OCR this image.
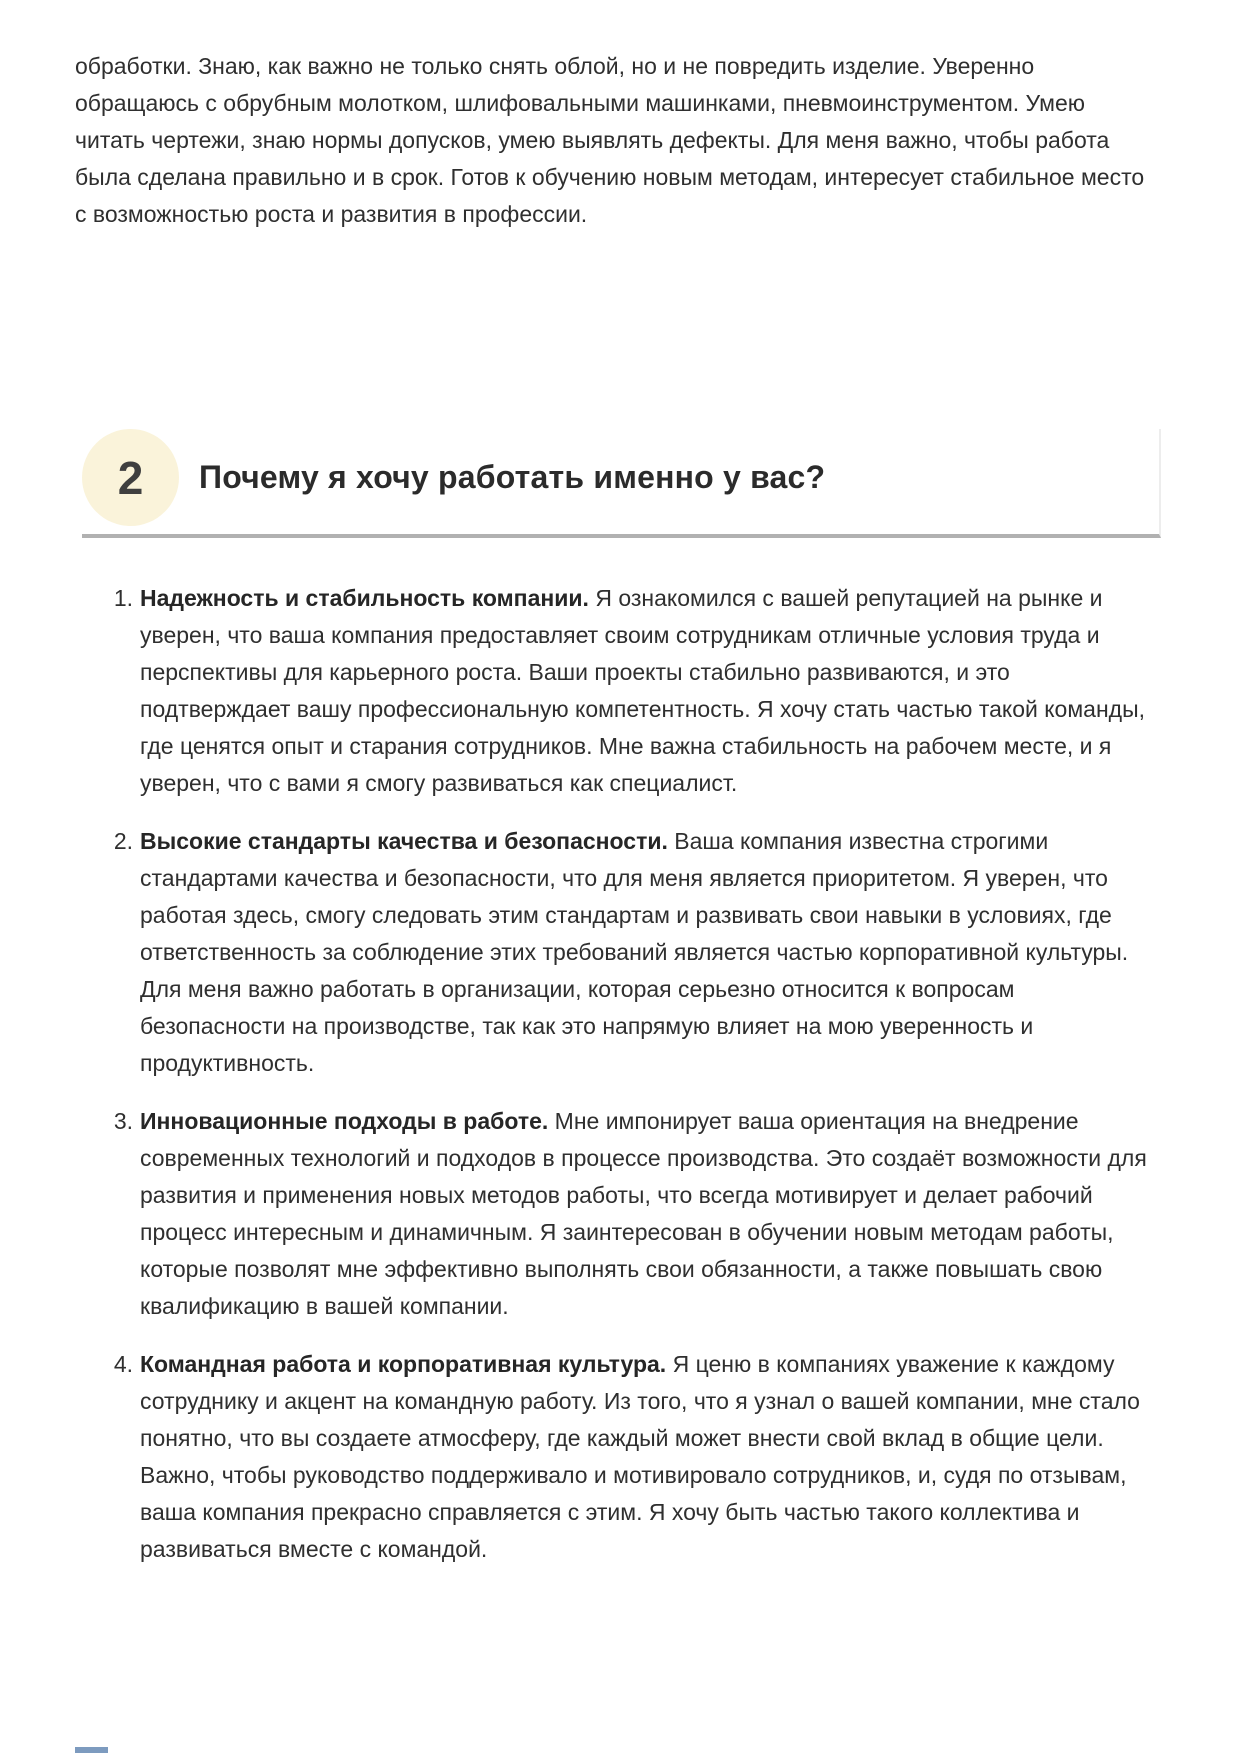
обработки. Знаю, как важно не только снять облой, но и не повредить изделие. Уверенно обращаюсь с обрубным молотком, шлифовальными машинками, пневмоинструментом. Умею читать чертежи, знаю нормы допусков, умею выявлять дефекты. Для меня важно, чтобы работа была сделана правильно и в срок. Готов к обучению новым методам, интересует стабильное место с возможностью роста и развития в профессии.

2 Почему я хочу работать именно у вас?
1. Надежность и стабильность компании. Я ознакомился с вашей репутацией на рынке и уверен, что ваша компания предоставляет своим сотрудникам отличные условия труда и перспективы для карьерного роста. Ваши проекты стабильно развиваются, и это подтверждает вашу профессиональную компетентность. Я хочу стать частью такой команды, где ценятся опыт и старания сотрудников. Мне важна стабильность на рабочем месте, и я уверен, что с вами я смогу развиваться как специалист.
2. Высокие стандарты качества и безопасности. Ваша компания известна строгими стандартами качества и безопасности, что для меня является приоритетом. Я уверен, что работая здесь, смогу следовать этим стандартам и развивать свои навыки в условиях, где ответственность за соблюдение этих требований является частью корпоративной культуры. Для меня важно работать в организации, которая серьезно относится к вопросам безопасности на производстве, так как это напрямую влияет на мою уверенность и продуктивность.
3. Инновационные подходы в работе. Мне импонирует ваша ориентация на внедрение современных технологий и подходов в процессе производства. Это создаёт возможности для развития и применения новых методов работы, что всегда мотивирует и делает рабочий процесс интересным и динамичным. Я заинтересован в обучении новым методам работы, которые позволят мне эффективно выполнять свои обязанности, а также повышать свою квалификацию в вашей компании.
4. Командная работа и корпоративная культура. Я ценю в компаниях уважение к каждому сотруднику и акцент на командную работу. Из того, что я узнал о вашей компании, мне стало понятно, что вы создаете атмосферу, где каждый может внести свой вклад в общие цели. Важно, чтобы руководство поддерживало и мотивировало сотрудников, и, судя по отзывам, ваша компания прекрасно справляется с этим. Я хочу быть частью такого коллектива и развиваться вместе с командой.
